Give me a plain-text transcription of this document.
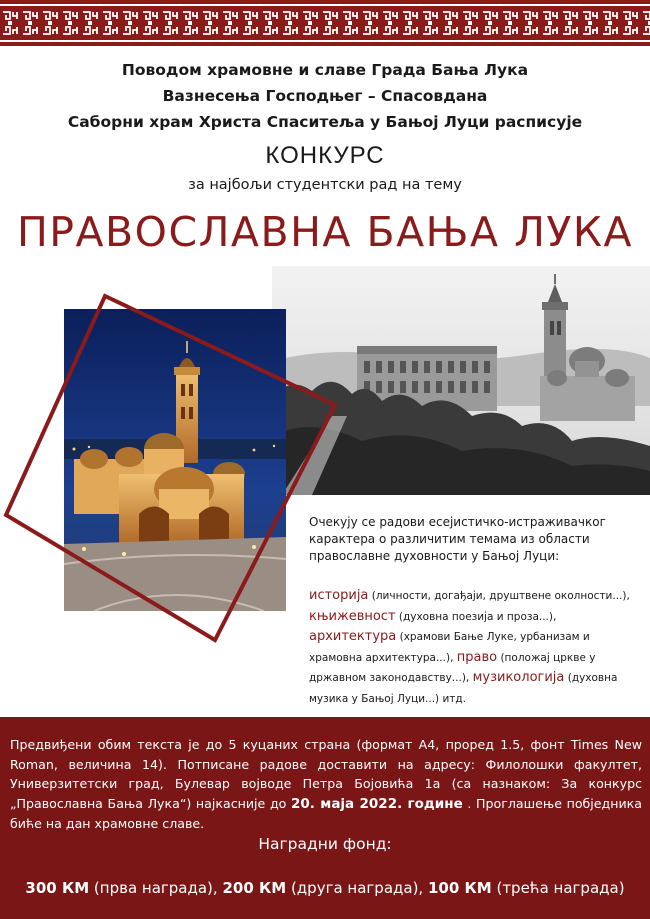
Поводом храмовне и славе Града Бања Лука
Вазнесења Господњег – Спасовдана
Саборни храм Христа Спаситеља у Бањој Луци расписује
КОНКУРС
за најбољи студентски рад на тему
ПРАВОСЛАВНА БАЊА ЛУКА
Очекују се радови есејистичко-истраживачког карактера о различитим темама из области православне духовности у Бањој Луци:
историја (личности, догађаји, друштвене околности...), књижевност (духовна поезија и проза...), архитектура (храмови Бање Луке, урбанизам и храмовна архитектура...), право (положај цркве у државном законодавству...), музикологија (духовна музика у Бањој Луци...) итд.
Предвиђени обим текста је до 5 куцаних страна (формат А4, проред 1.5, фонт Times New Roman, величина 14). Потписане радове доставити на адресу: Филолошки факултет, Универзитетски град, Булевар војводе Петра Бојовића 1а (са назнаком: За конкурс „Православна Бања Лука“) најкасније до 20. маја 2022. године . Проглашење побједника биће на дан храмовне славе.
Наградни фонд:
300 КМ (прва награда), 200 КМ (друга награда), 100 КМ (трећа награда)
